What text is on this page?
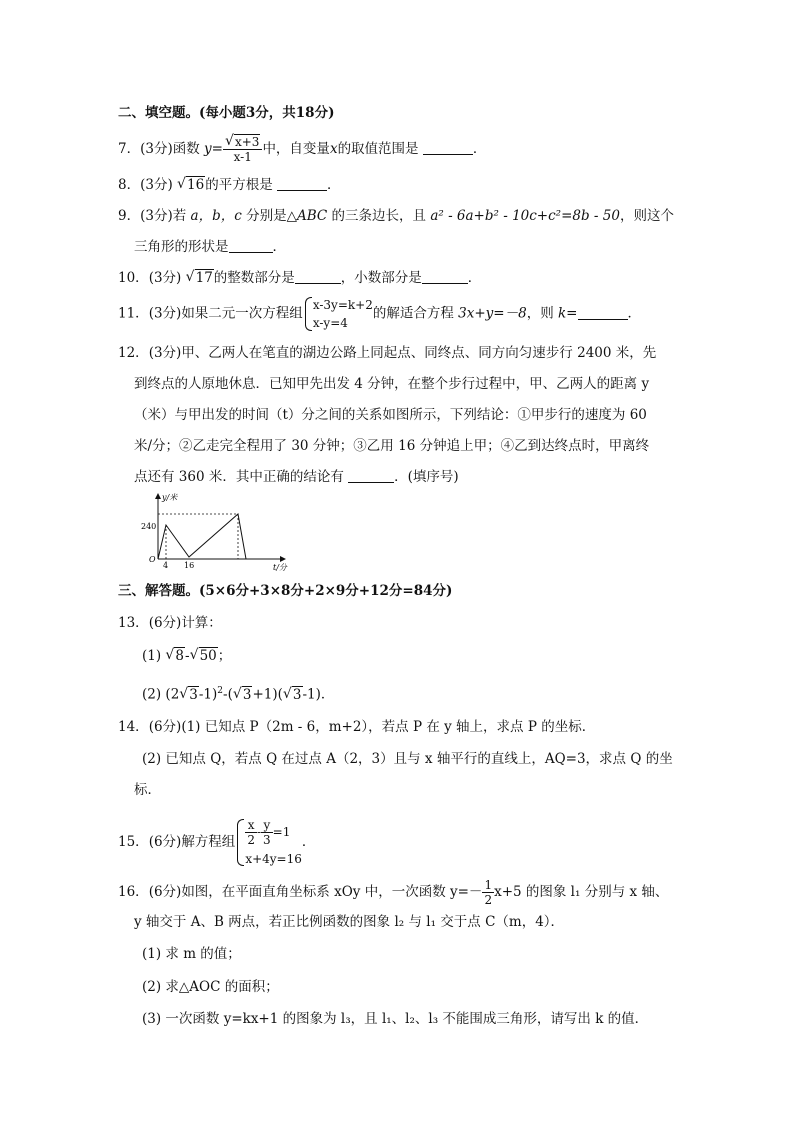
二、填空题。(每小题3分，共18分)
7．(3分)函数 y= √ $\frac{x+3}{x-1}$ 中，自变量x的取值范围是	．
8．(3分) √ 16的平方根是	．
9．(3分)若 a，b，c 分别是△ABC 的三条边长，且 a² - 6a+b² - 10c+c²=8b - 50，则这个
三角形的形状是	．
10．(3分) √ 17的整数部分是	，小数部分是	．
11．(3分)如果二元一次方程组
x-3y=k+2
x-y=4
的解适合方程 3x+y=－8，则 k=	．
12．(3分)甲、乙两人在笔直的湖边公路上同起点、同终点、同方向匀速步行 2400 米，先
到终点的人原地休息．已知甲先出发 4 分钟，在整个步行过程中，甲、乙两人的距离 y
（米）与甲出发的时间（t）分之间的关系如图所示，下列结论：①甲步行的速度为 60
米/分；②乙走完全程用了 30 分钟；③乙用 16 分钟追上甲；④乙到达终点时，甲离终
点还有 360 米．其中正确的结论有	．(填序号)
y/米
t/分
240
4 16
O
三、解答题。(5×6分+3×8分+2×9分+12分=84分)
13．(6分)计算：
(1) √ 8- √ 50；
(2) (2 √ 3-1)$^2$-( √ 3+1)( √ 3-1)．
14．(6分)(1) 已知点 P（2m - 6，m+2），若点 P 在 y 轴上，求点 P 的坐标．
(2) 已知点 Q，若点 Q 在过点 A（2，3）且与 x 轴平行的直线上，AQ=3，求点 Q 的坐
标．
15．(6分)解方程组 $\frac{x}{2} - \frac{y}{3} =1$
x+4y=16
．
16．(6分)如图，在平面直角坐标系 xOy 中，一次函数 $y=- \frac{1}{2} x+5$ 的图象 l₁ 分别与 x 轴、
y 轴交于 A、B 两点，若正比例函数的图象 l₂ 与 l₁ 交于点 C（m，4）．
(1) 求 m 的值；
(2) 求△AOC 的面积；
(3) 一次函数 y=kx+1 的图象为 l₃，且 l₁、l₂、l₃ 不能围成三角形，请写出 k 的值．
